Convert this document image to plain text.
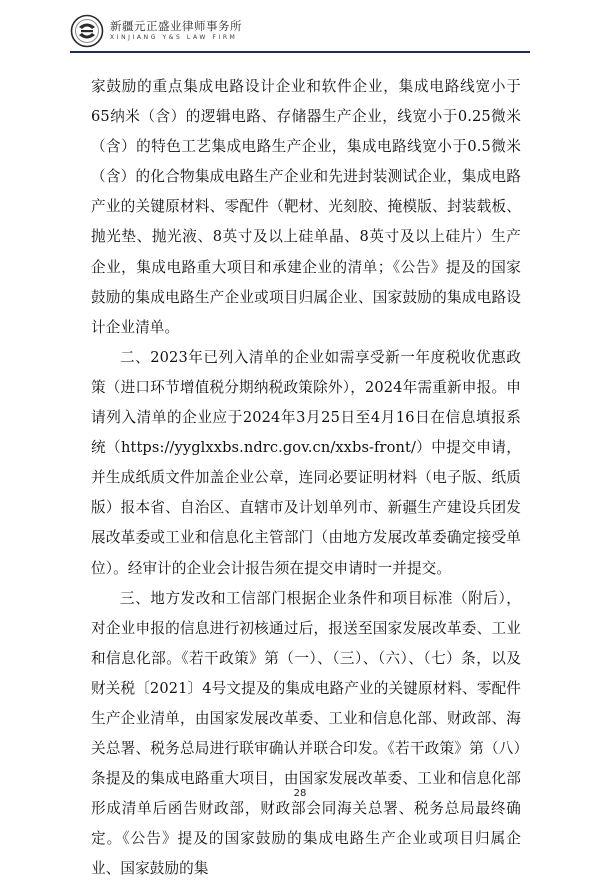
新疆元正盛业律师事务所
XINJIANG Y&S LAW FIRM

家鼓励的重点集成电路设计企业和软件企业，集成电路线宽小于65纳米（含）的逻辑电路、存储器生产企业，线宽小于0.25微米（含）的特色工艺集成电路生产企业，集成电路线宽小于0.5微米（含）的化合物集成电路生产企业和先进封装测试企业，集成电路产业的关键原材料、零配件（靶材、光刻胶、掩模版、封装载板、抛光垫、抛光液、8英寸及以上硅单晶、8英寸及以上硅片）生产企业，集成电路重大项目和承建企业的清单；《公告》提及的国家鼓励的集成电路生产企业或项目归属企业、国家鼓励的集成电路设计企业清单。

二、2023年已列入清单的企业如需享受新一年度税收优惠政策（进口环节增值税分期纳税政策除外），2024年需重新申报。申请列入清单的企业应于2024年3月25日至4月16日在信息填报系统（https://yyglxxbs.ndrc.gov.cn/xxbs-front/）中提交申请，并生成纸质文件加盖企业公章，连同必要证明材料（电子版、纸质版）报本省、自治区、直辖市及计划单列市、新疆生产建设兵团发展改革委或工业和信息化主管部门（由地方发展改革委确定接受单位）。经审计的企业会计报告须在提交申请时一并提交。

三、地方发改和工信部门根据企业条件和项目标准（附后），对企业申报的信息进行初核通过后，报送至国家发展改革委、工业和信息化部。《若干政策》第（一）、（三）、（六）、（七）条，以及财关税〔2021〕4号文提及的集成电路产业的关键原材料、零配件生产企业清单，由国家发展改革委、工业和信息化部、财政部、海关总署、税务总局进行联审确认并联合印发。《若干政策》第（八）条提及的集成电路重大项目，由国家发展改革委、工业和信息化部形成清单后函告财政部，财政部会同海关总署、税务总局最终确定。《公告》提及的国家鼓励的集成电路生产企业或项目归属企业、国家鼓励的集

28
